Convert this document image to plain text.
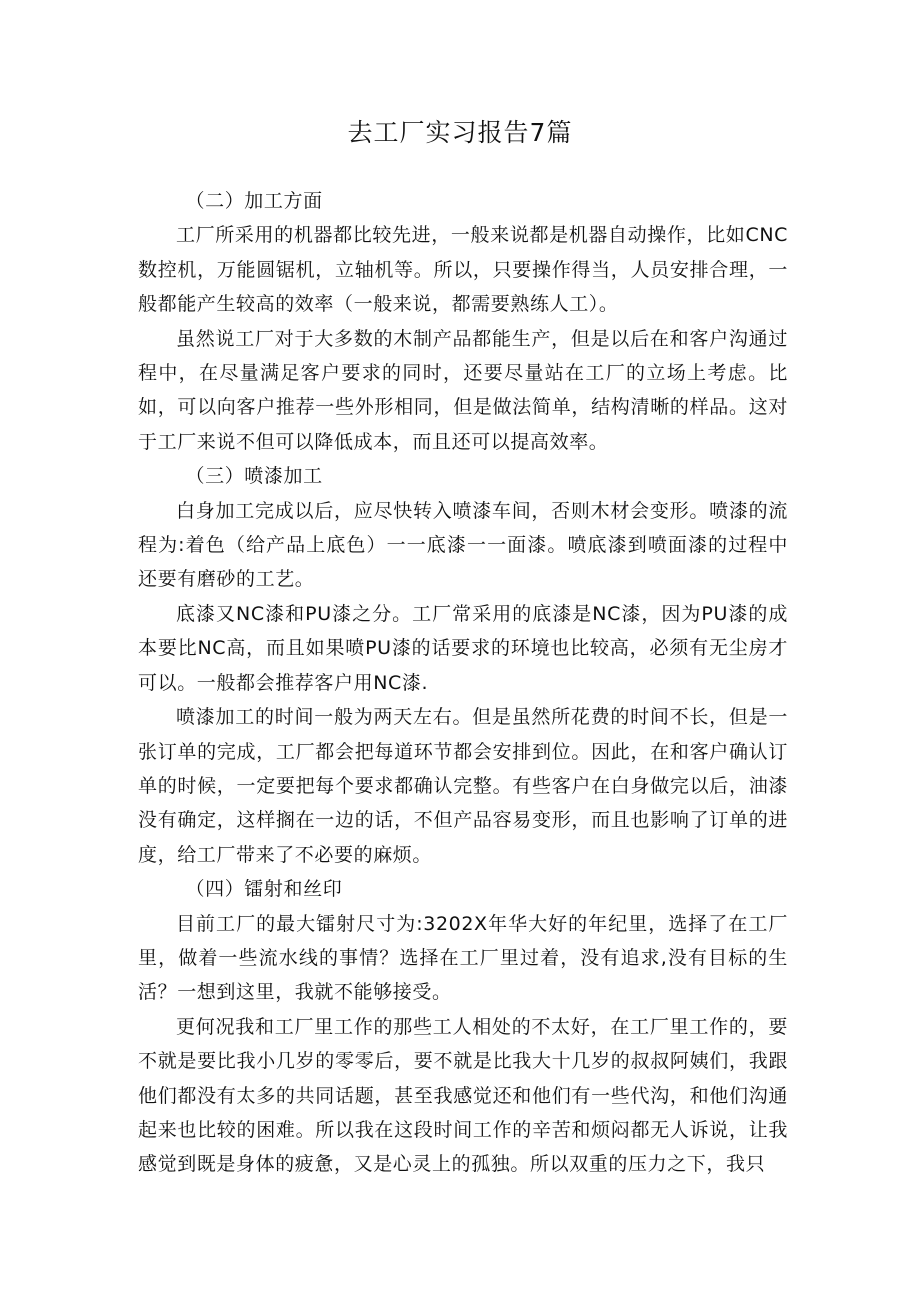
去工厂实习报告7篇

（二）加工方面

工厂所采用的机器都比较先进，一般来说都是机器自动操作，比如CNC数控机，万能圆锯机，立轴机等。所以，只要操作得当，人员安排合理，一般都能产生较高的效率（一般来说，都需要熟练人工）。

虽然说工厂对于大多数的木制产品都能生产，但是以后在和客户沟通过程中，在尽量满足客户要求的同时，还要尽量站在工厂的立场上考虑。比如，可以向客户推荐一些外形相同，但是做法简单，结构清晰的样品。这对于工厂来说不但可以降低成本，而且还可以提高效率。

（三）喷漆加工

白身加工完成以后，应尽快转入喷漆车间，否则木材会变形。喷漆的流程为:着色（给产品上底色）一一底漆一一面漆。喷底漆到喷面漆的过程中还要有磨砂的工艺。

底漆又NC漆和PU漆之分。工厂常采用的底漆是NC漆，因为PU漆的成本要比NC高，而且如果喷PU漆的话要求的环境也比较高，必须有无尘房才可以。一般都会推荐客户用NC漆.

喷漆加工的时间一般为两天左右。但是虽然所花费的时间不长，但是一张订单的完成，工厂都会把每道环节都会安排到位。因此，在和客户确认订单的时候，一定要把每个要求都确认完整。有些客户在白身做完以后，油漆没有确定，这样搁在一边的话，不但产品容易变形，而且也影响了订单的进度，给工厂带来了不必要的麻烦。

（四）镭射和丝印

目前工厂的最大镭射尺寸为:3202X年华大好的年纪里，选择了在工厂里，做着一些流水线的事情？选择在工厂里过着，没有追求,没有目标的生活？一想到这里，我就不能够接受。

更何况我和工厂里工作的那些工人相处的不太好，在工厂里工作的，要不就是要比我小几岁的零零后，要不就是比我大十几岁的叔叔阿姨们，我跟他们都没有太多的共同话题，甚至我感觉还和他们有一些代沟，和他们沟通起来也比较的困难。所以我在这段时间工作的辛苦和烦闷都无人诉说，让我感觉到既是身体的疲惫，又是心灵上的孤独。所以双重的压力之下，我只
